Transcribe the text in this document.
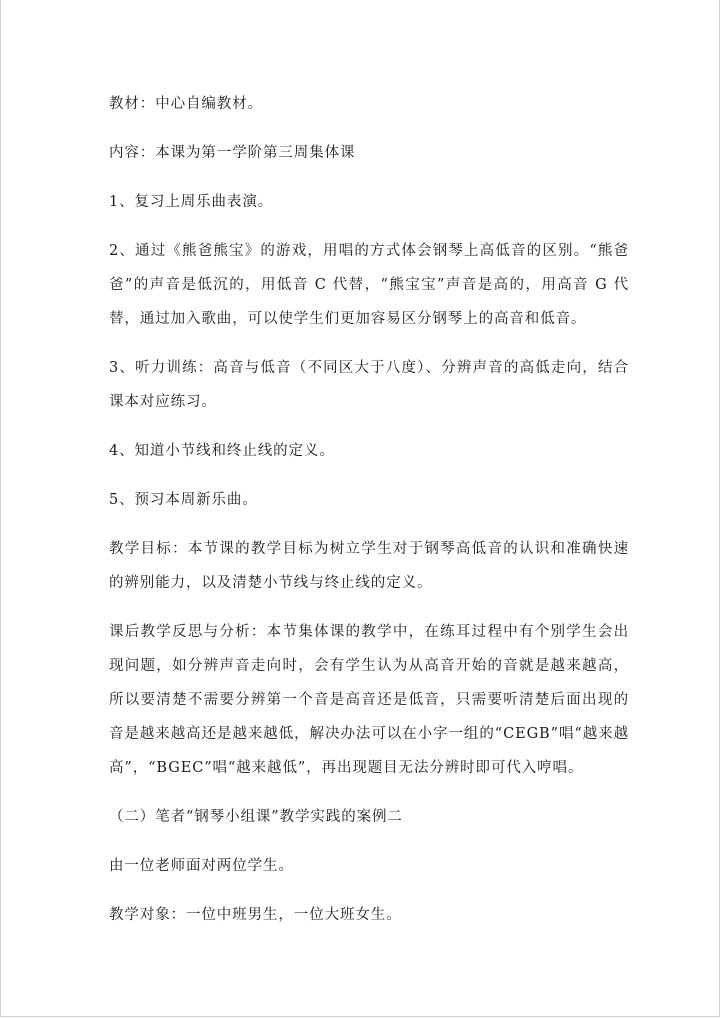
教材：中心自编教材。

内容：本课为第一学阶第三周集体课

1、复习上周乐曲表演。

2、通过《熊爸熊宝》的游戏，用唱的方式体会钢琴上高低音的区别。“熊爸爸”的声音是低沉的，用低音 C 代替，“熊宝宝”声音是高的，用高音 G 代替，通过加入歌曲，可以使学生们更加容易区分钢琴上的高音和低音。

3、听力训练：高音与低音（不同区大于八度）、分辨声音的高低走向，结合课本对应练习。

4、知道小节线和终止线的定义。

5、预习本周新乐曲。

教学目标：本节课的教学目标为树立学生对于钢琴高低音的认识和准确快速的辨别能力，以及清楚小节线与终止线的定义。

课后教学反思与分析：本节集体课的教学中，在练耳过程中有个别学生会出现问题，如分辨声音走向时，会有学生认为从高音开始的音就是越来越高，所以要清楚不需要分辨第一个音是高音还是低音，只需要听清楚后面出现的音是越来越高还是越来越低，解决办法可以在小字一组的“CEGB”唱“越来越高”，“BGEC”唱“越来越低”，再出现题目无法分辨时即可代入哼唱。

（二）笔者“钢琴小组课”教学实践的案例二

由一位老师面对两位学生。

教学对象：一位中班男生，一位大班女生。
